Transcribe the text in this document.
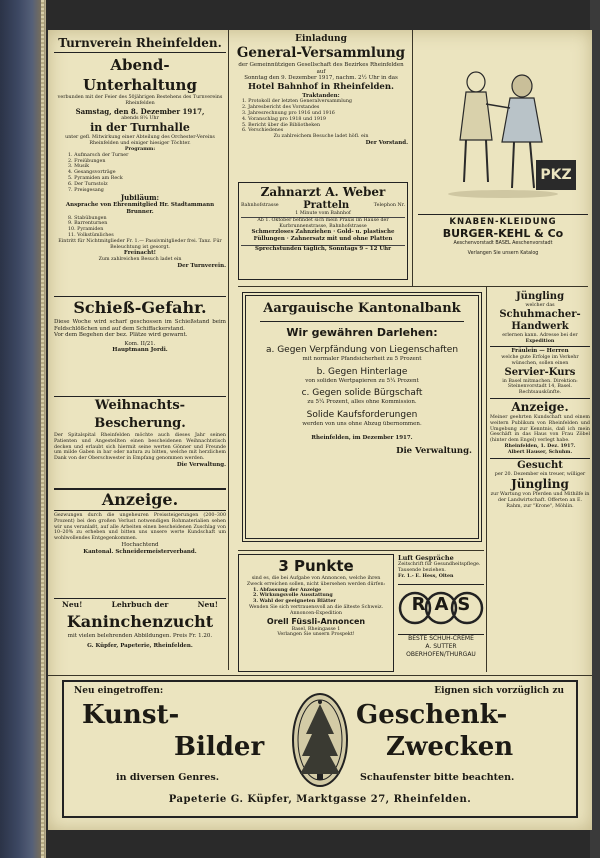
Turnverein Rheinfelden.
Abend-Unterhaltung
verbunden mit der Feier des 50jährigen Bestehens des Turnvereins Rheinfelden
Samstag, den 8. Dezember 1917,
abends 8¼ Uhr
in der Turnhalle
unter gefl. Mitwirkung einer Abteilung des Orchester-Vereins Rheinfelden und einiger hiesiger Töchter.
Programm:
1. Aufmarsch der Turner
2. Freiübungen
3. Musik
4. Gesangsvorträge
5. Pyramiden am Reck
6. Der Turnstolz
7. Preisgesang
Jubiläum:
Ansprache von Ehrenmitglied Hr. Stadtammann Brunner.
8. Stabübungen
9. Barrenturnen
10. Pyramiden
11. Volkstümliches
Eintritt für Nichtmitglieder Fr. 1.— Passivmitglieder frei. Tanz. Für Beleuchtung ist gesorgt.
Freinacht!
Zum zahlreichen Besuch ladet ein
Der Turnverein.
Einladung
General-Versammlung
der Gemeinnützigen Gesellschaft des Bezirkes Rheinfelden auf
Sonntag den 9. Dezember 1917, nachm. 2½ Uhr in das
Hotel Bahnhof in Rheinfelden.
Traktanden:
1. Protokoll der letzten Generalversammlung
2. Jahresbericht des Vorstandes
3. Jahresrechnung pro 1916 und 1916
4. Voranschlag pro 1918 und 1919
5. Bericht über die Bibliotheken
6. Verschiedenes
Zu zahlreichem Besuche ladet höfl. ein
Der Vorstand.
Zahnarzt A. Weber
Bahnhofstrasse Pratteln	Telephon Nr.
1 Minute vom Bahnhof
Ab 1. Oktober befindet sich mein Praxis im Hause der Kurbrunnenstrasse, Bahnhofstrasse
Schmerzloses Zahnziehen · Gold- u. plastische Füllungen · Zahnersatz mit und ohne Platten
Sprechstunden täglich, Sonntags 9 – 12 Uhr
PKZ
KNABEN-KLEIDUNG
BURGER-KEHL & Co
Aeschenvorstadt BASEL Aeschenvorstadt
Verlangen Sie unsern Katalog
Schieß-Gefahr.
Diese Woche wird scharf geschossen im Schießstand beim Feldschlößchen und auf dem Schiffackerstand.
Vor dem Begehen der bez. Plätze wird gewarnt.
Kom. II/21.
Hauptmann Jordi.
Weihnachts-Bescherung.
Der Spitalspital Rheinfelden möchte auch dieses Jahr seinen Patienten und Angestellten einen bescheidenen Weihnachtstisch decken und erlaubt sich hiermit seine werten Gönner und Freunde um milde Gaben in bar oder natura zu bitten, welche mit herzlichem Dank von der Oberschwester in Empfang genommen werden.
Die Verwaltung.
Anzeige.
Gezwungen durch die ungeheuren Preissteigerungen (200–300 Prozent) bei den großen Verlust notwendigen Rohmaterialien sehen wir uns veranlaßt, auf alle Arbeiten einen bescheidenen Zuschlag von 10–20% zu erheben und bitten uns unsere werte Kundschaft um wohlwollendes Entgegenkommen.
Hochachtend
Kantonal. Schneidermeisterverband.
Neu!	Lehrbuch der	Neu!
Kaninchenzucht
mit vielen belehrenden Abbildungen. Preis Fr. 1.20.
G. Küpfer, Papeterie, Rheinfelden.
Aargauische Kantonalbank
Wir gewähren Darlehen:
a. Gegen Verpfändung von Liegenschaften
mit normaler Pfandsicherheit zu 5 Prozent
b. Gegen Hinterlage
von soliden Wertpapieren zu 5¼ Prozent
c. Gegen solide Bürgschaft
zu 5¼ Prozent, alles ohne Kommission.
Solide Kaufsforderungen
werden von uns ohne Abzug übernommen.
Rheinfelden, im Dezember 1917.
Die Verwaltung.
3 Punkte
sind es, die bei Aufgabe von Annoncen, welche ihren Zweck erreichen sollen, nicht übersehen werden dürfen:
1. Abfassung der Anzeige
2. Wirkungsvolle Ausstattung
3. Wahl der geeigneten Blätter
Wenden Sie sich vertrauensvoll an die älteste Schweiz. Annoncen-Expedition
Orell Füssli-Annoncen
Basel, Rheingasse 1
Verlangen Sie unsern Prospekt!
Luft Gespräche
Zeitschrift für Gesundheitspflege. Tausende beziehen.
Fr. 1.- E. Hess, Olten
RAS
BESTE SCHUH-CREME
A. SUTTER
OBERHOFEN/THURGAU
Jüngling
welcher das
Schuhmacher-Handwerk
erlernen kann. Adresse bei der
Expedition
Fräulein — Herren
welche gute Erfolge im Verkehr wünschen, sollen einen
Servier-Kurs
in Basel mitmachen. Direktion: Steinenvorstadt 14, Basel. Rechtsauskünfte.
Anzeige.
Meiner geehrten Kundschaft und einem weitern Publikum von Rheinfelden und Umgebung zur Kenntnis, daß ich mein Geschäft in das Haus von Frau Zöbel (hinter dem Engel) verlegt habe.
Rheinfelden, 1. Dez. 1917.
Albert Hauser, Schuhm.
Gesucht
per 20. Dezember ein treuer, williger
Jüngling
zur Wartung von Pferden und Mithilfe in der Landwirtschaft. Offerten an E. Rahm, zur "Krone", Möhlin.
Neu eingetroffen:	Eignen sich vorzüglich zu
Kunst-
Bilder
Geschenk-
Zwecken
in diversen Genres.	Schaufenster bitte beachten.
Papeterie G. Küpfer, Marktgasse 27, Rheinfelden.
